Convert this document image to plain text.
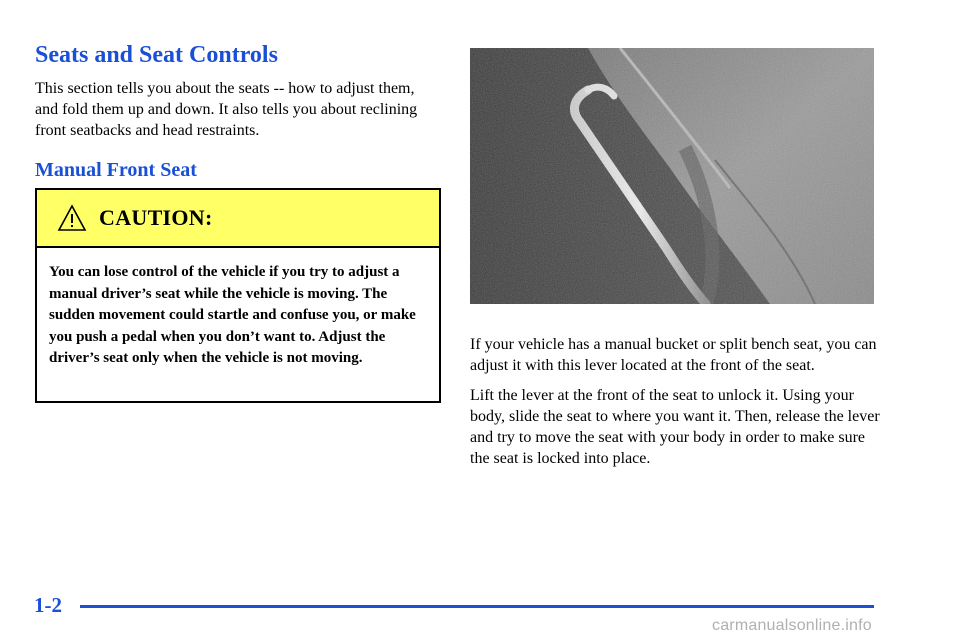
Seats and Seat Controls

This section tells you about the seats -- how to adjust them, and fold them up and down. It also tells you about reclining front seatbacks and head restraints.

Manual Front Seat
CAUTION:

You can lose control of the vehicle if you try to adjust a manual driver’s seat while the vehicle is moving. The sudden movement could startle and confuse you, or make you push a pedal when you don’t want to. Adjust the driver’s seat only when the vehicle is not moving.

If your vehicle has a manual bucket or split bench seat, you can adjust it with this lever located at the front of the seat.

Lift the lever at the front of the seat to unlock it. Using your body, slide the seat to where you want it. Then, release the lever and try to move the seat with your body in order to make sure the seat is locked into place.

1-2
carmanualsonline.info
